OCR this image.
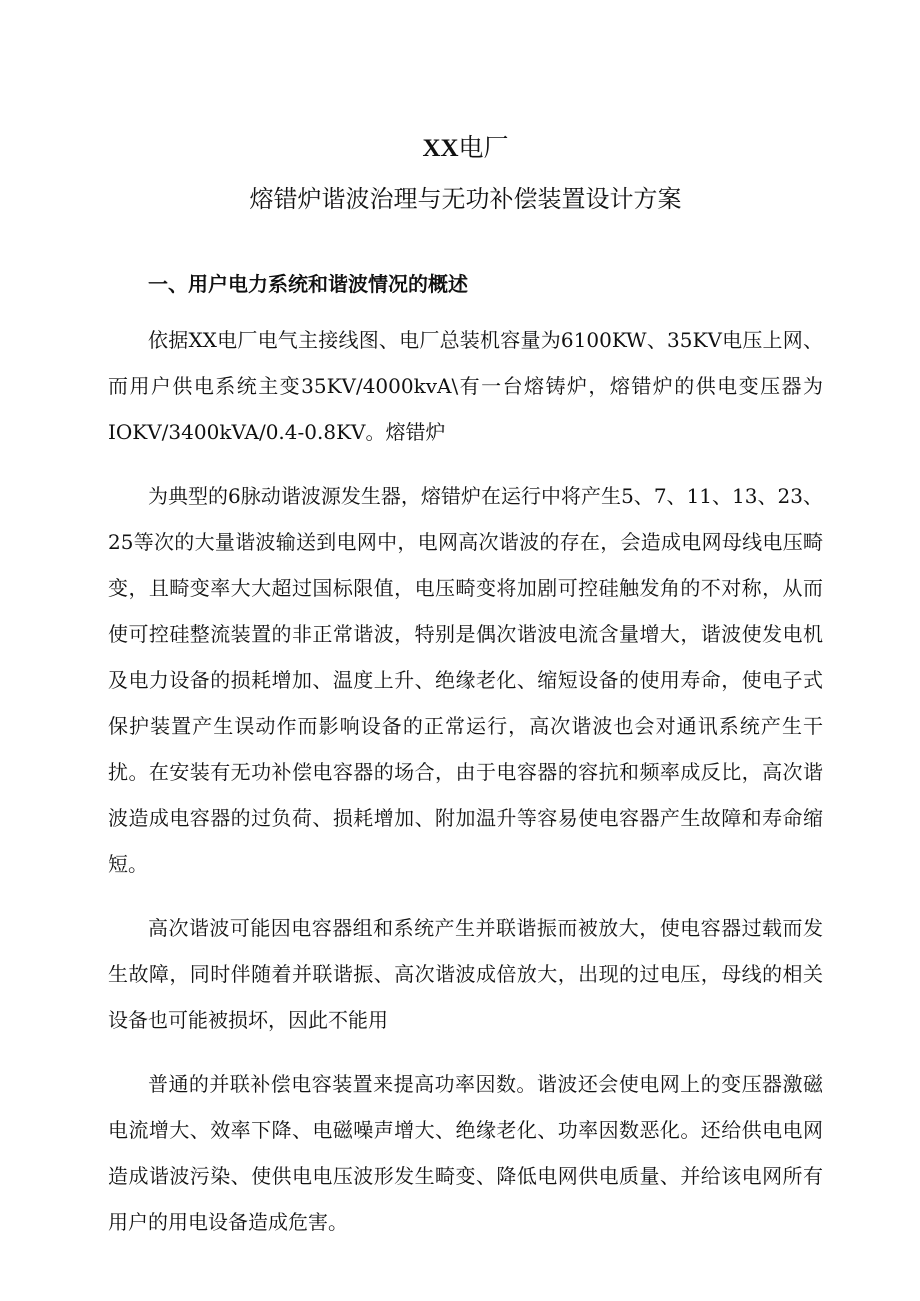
XX电厂
熔错炉谐波治理与无功补偿装置设计方案
一、用户电力系统和谐波情况的概述

依据XX电厂电气主接线图、电厂总装机容量为6100KW、35KV电压上网、而用户供电系统主变35KV/4000kvA\有一台熔铸炉，熔错炉的供电变压器为IOKV/3400kVA/0.4-0.8KV。熔错炉

为典型的6脉动谐波源发生器，熔错炉在运行中将产生5、7、11、13、23、25等次的大量谐波输送到电网中，电网高次谐波的存在，会造成电网母线电压畸变，且畸变率大大超过国标限值，电压畸变将加剧可控硅触发角的不对称，从而使可控硅整流装置的非正常谐波，特别是偶次谐波电流含量增大，谐波使发电机及电力设备的损耗增加、温度上升、绝缘老化、缩短设备的使用寿命，使电子式保护装置产生误动作而影响设备的正常运行，高次谐波也会对通讯系统产生干扰。在安装有无功补偿电容器的场合，由于电容器的容抗和频率成反比，高次谐波造成电容器的过负荷、损耗增加、附加温升等容易使电容器产生故障和寿命缩短。

高次谐波可能因电容器组和系统产生并联谐振而被放大，使电容器过载而发生故障，同时伴随着并联谐振、高次谐波成倍放大，出现的过电压，母线的相关设备也可能被损坏，因此不能用

普通的并联补偿电容装置来提高功率因数。谐波还会使电网上的变压器激磁电流增大、效率下降、电磁噪声增大、绝缘老化、功率因数恶化。还给供电电网造成谐波污染、使供电电压波形发生畸变、降低电网供电质量、并给该电网所有用户的用电设备造成危害。
